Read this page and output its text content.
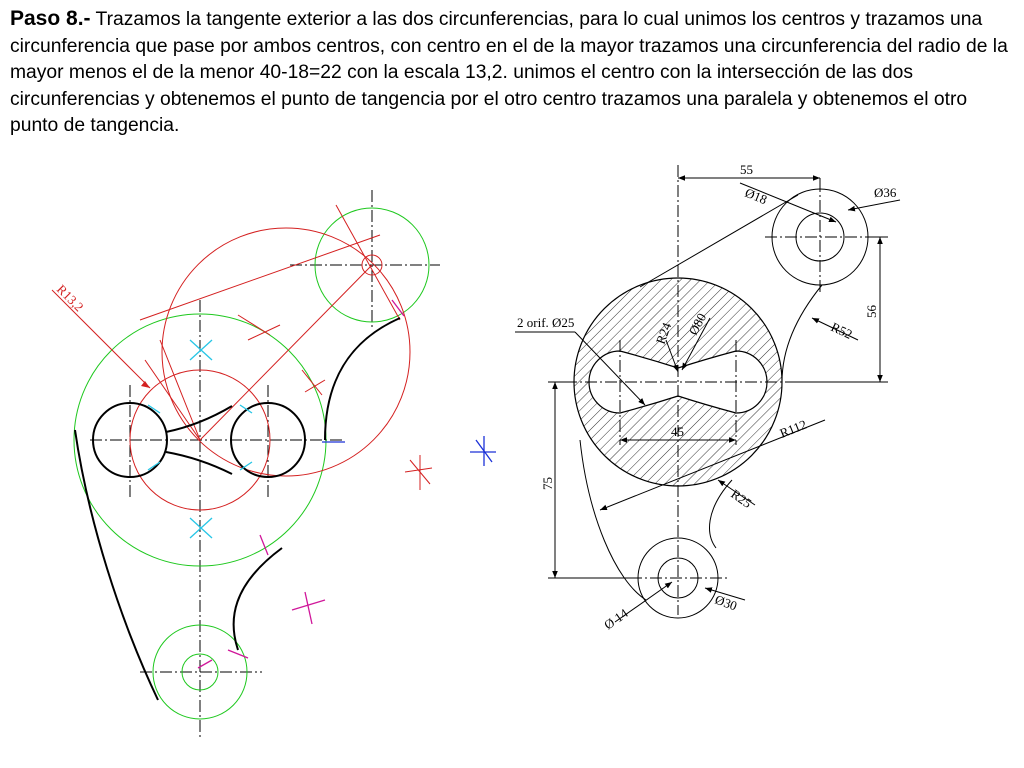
Paso 8.- Trazamos la tangente exterior a las dos circunferencias, para lo cual unimos los centros y trazamos una circunferencia que pase por ambos centros, con centro en el de la mayor trazamos una circunferencia del radio de la mayor menos el de la menor 40-18=22 con la escala 13,2. unimos el centro con la intersección de las dos circunferencias y obtenemos el punto de tangencia por el otro centro trazamos una paralela y obtenemos el otro punto de tangencia.
R13,2
55
Ø18	Ø36
56
R52
2 orif. Ø25	R24 Ø80
45	R112
75
R25
Ø 14
Ø30
